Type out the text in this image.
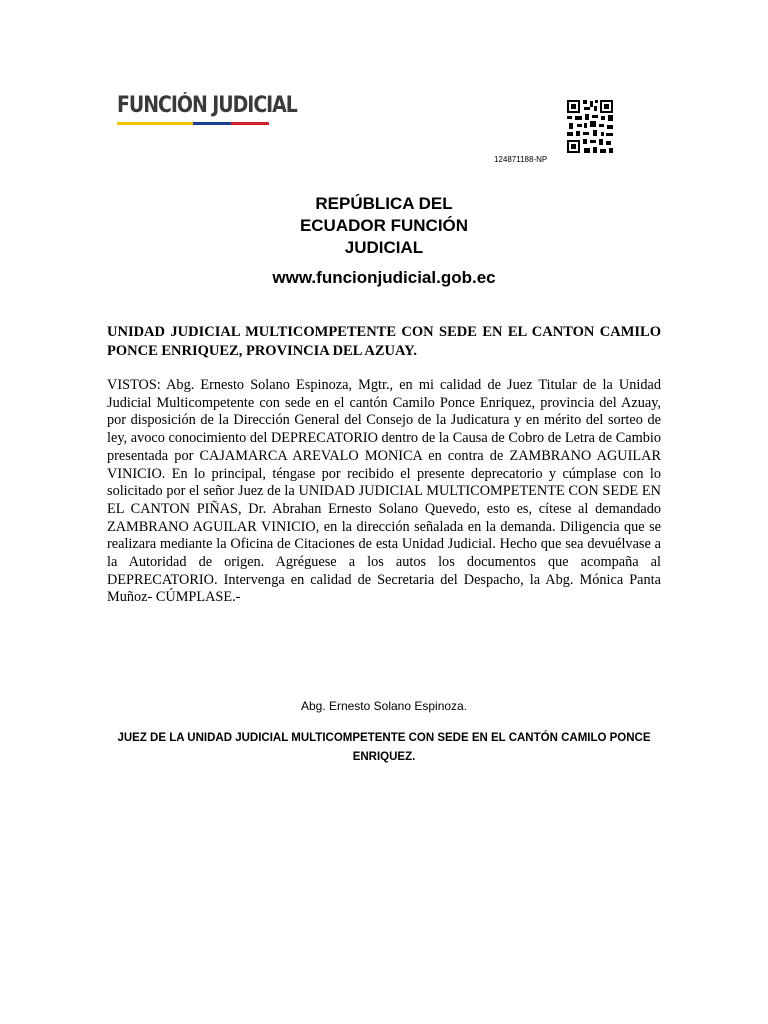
FUNCIÓN JUDICIAL
124871188-NP
REPÚBLICA DEL
ECUADOR FUNCIÓN
JUDICIAL
www.funcionjudicial.gob.ec
UNIDAD JUDICIAL MULTICOMPETENTE CON SEDE EN EL CANTON CAMILO PONCE ENRIQUEZ, PROVINCIA DEL AZUAY.
VISTOS: Abg. Ernesto Solano Espinoza, Mgtr., en mi calidad de Juez Titular de la Unidad Judicial Multicompetente con sede en el cantón Camilo Ponce Enriquez, provincia del Azuay, por disposición de la Dirección General del Consejo de la Judicatura y en mérito del sorteo de ley, avoco conocimiento del DEPRECATORIO dentro de la Causa de Cobro de Letra de Cambio presentada por CAJAMARCA AREVALO MONICA en contra de ZAMBRANO AGUILAR VINICIO. En lo principal, téngase por recibido el presente deprecatorio y cúmplase con lo solicitado por el señor Juez de la UNIDAD JUDICIAL MULTICOMPETENTE CON SEDE EN EL CANTON PIÑAS, Dr. Abrahan Ernesto Solano Quevedo, esto es, cítese al demandado ZAMBRANO AGUILAR VINICIO, en la dirección señalada en la demanda. Diligencia que se realizara mediante la Oficina de Citaciones de esta Unidad Judicial. Hecho que sea devuélvase a la Autoridad de origen. Agréguese a los autos los documentos que acompaña al DEPRECATORIO. Intervenga en calidad de Secretaria del Despacho, la Abg. Mónica Panta Muñoz- CÚMPLASE.-
Abg. Ernesto Solano Espinoza.
JUEZ DE LA UNIDAD JUDICIAL MULTICOMPETENTE CON SEDE EN EL CANTÓN CAMILO PONCE ENRIQUEZ.
